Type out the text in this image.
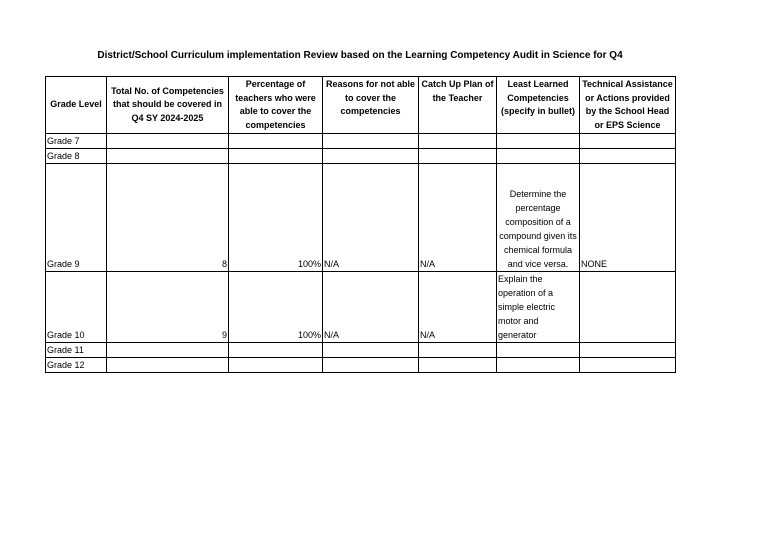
District/School Curriculum implementation Review based on the Learning Competency Audit in Science for Q4
Grade Level	Total No. of Competencies that should be covered in Q4 SY 2024-2025	Percentage of teachers who were able to cover the competencies	Reasons for not able to cover the competencies	Catch Up Plan of the Teacher	Least Learned Competencies (specify in bullet)	Technical Assistance or Actions provided by the School Head or EPS Science
Grade 7						
Grade 8						
Grade 9	8	100%	N/A	N/A	Determine the percentage composition of a compound given its chemical formula and vice versa.	NONE
Grade 10	9	100%	N/A	N/A	Explain the operation of a simple electric motor and generator	
Grade 11						
Grade 12						
